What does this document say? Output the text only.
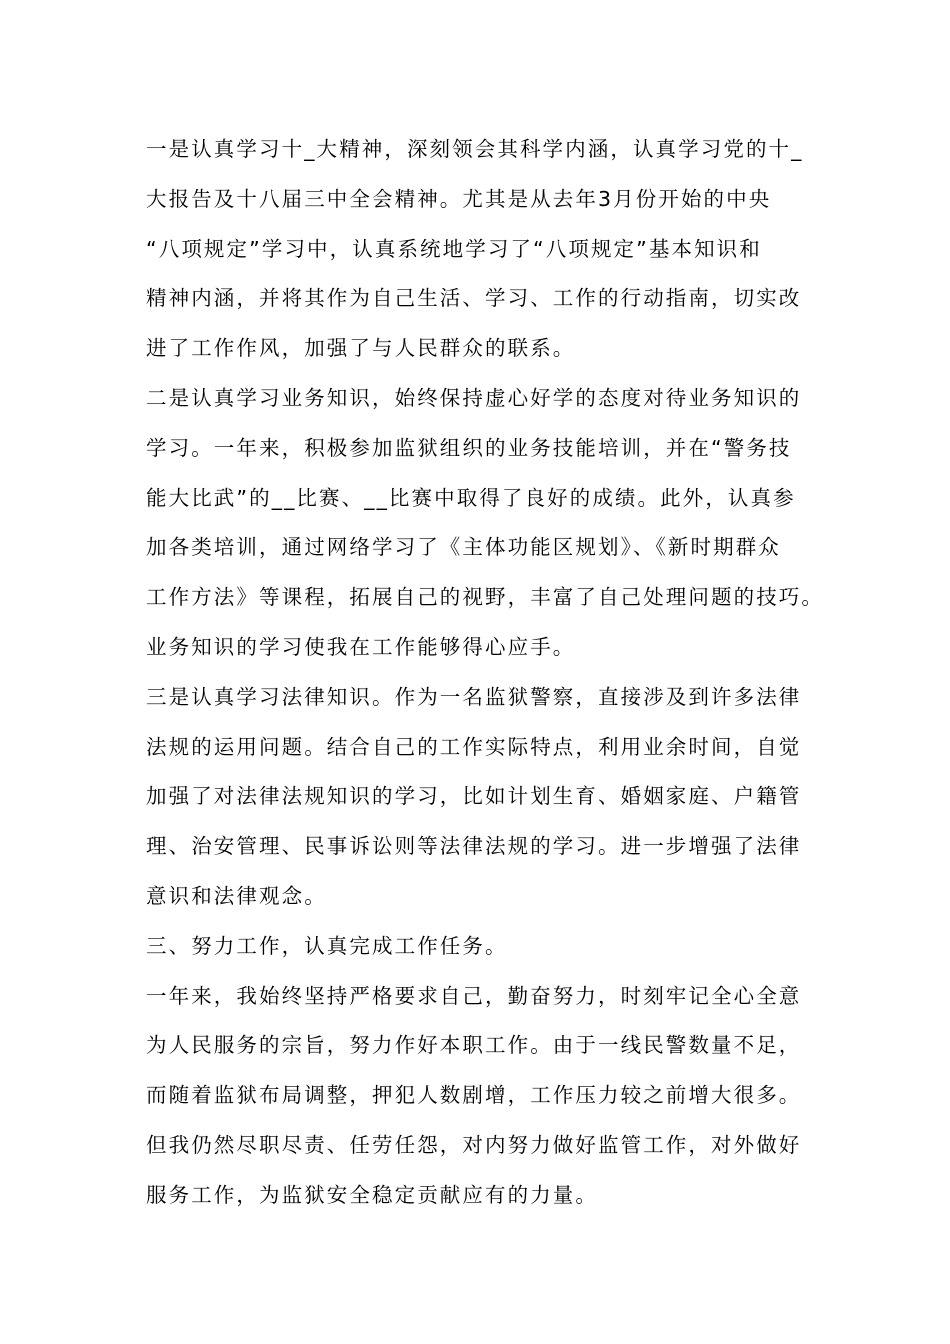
一是认真学习十_大精神，深刻领会其科学内涵，认真学习党的十_
大报告及十八届三中全会精神。尤其是从去年3月份开始的中央
“八项规定”学习中，认真系统地学习了“八项规定”基本知识和
精神内涵，并将其作为自己生活、学习、工作的行动指南，切实改
进了工作作风，加强了与人民群众的联系。
二是认真学习业务知识，始终保持虚心好学的态度对待业务知识的
学习。一年来，积极参加监狱组织的业务技能培训，并在“警务技
能大比武”的__比赛、__比赛中取得了良好的成绩。此外，认真参
加各类培训，通过网络学习了《主体功能区规划》、《新时期群众
工作方法》等课程，拓展自己的视野，丰富了自己处理问题的技巧。
业务知识的学习使我在工作能够得心应手。
三是认真学习法律知识。作为一名监狱警察，直接涉及到许多法律
法规的运用问题。结合自己的工作实际特点，利用业余时间，自觉
加强了对法律法规知识的学习，比如计划生育、婚姻家庭、户籍管
理、治安管理、民事诉讼则等法律法规的学习。进一步增强了法律
意识和法律观念。
三、努力工作，认真完成工作任务。
一年来，我始终坚持严格要求自己，勤奋努力，时刻牢记全心全意
为人民服务的宗旨，努力作好本职工作。由于一线民警数量不足，
而随着监狱布局调整，押犯人数剧增，工作压力较之前增大很多。
但我仍然尽职尽责、任劳任怨，对内努力做好监管工作，对外做好
服务工作，为监狱安全稳定贡献应有的力量。
